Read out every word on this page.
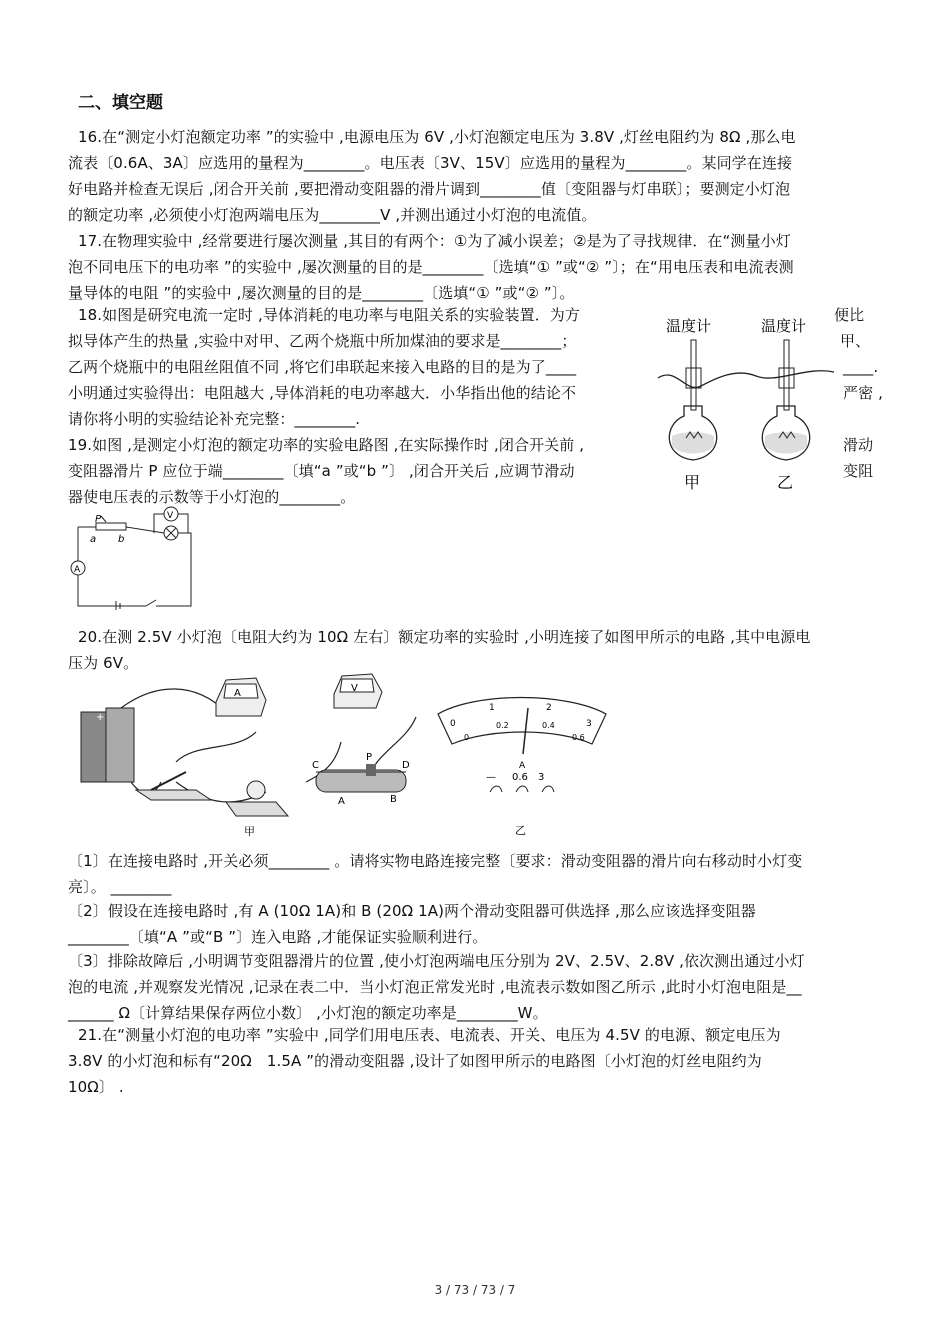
二、填空题
16.在“测定小灯泡额定功率 ”的实验中 ,电源电压为 6V ,小灯泡额定电压为 3.8V ,灯丝电阻约为 8Ω ,那么电
流表〔0.6A、3A〕应选用的量程为________。电压表〔3V、15V〕应选用的量程为________。某同学在连接
好电路并检查无误后 ,闭合开关前 ,要把滑动变阻器的滑片调到________值〔变阻器与灯串联〕；要测定小灯泡
的额定功率 ,必须使小灯泡两端电压为________V ,并测出通过小灯泡的电流值。
17.在物理实验中 ,经常要进行屡次测量 ,其目的有两个：①为了减小误差；②是为了寻找规律．在“测量小灯
泡不同电压下的电功率 ”的实验中 ,屡次测量的目的是________〔选填“① ”或“② ”〕；在“用电压表和电流表测
量导体的电阻 ”的实验中 ,屡次测量的目的是________〔选填“① ”或“② ”〕。
18.如图是研究电流一定时 ,导体消耗的电功率与电阻关系的实验装置．为方
拟导体产生的热量 ,实验中对甲、乙两个烧瓶中所加煤油的要求是________；
乙两个烧瓶中的电阻丝阻值不同 ,将它们串联起来接入电路的目的是为了____
小明通过实验得出：电阻越大 ,导体消耗的电功率越大．小华指出他的结论不
请你将小明的实验结论补充完整：________.
19.如图 ,是测定小灯泡的额定功率的实验电路图 ,在实际操作时 ,闭合开关前 ,
变阻器滑片 P 应位于端________〔填“a ”或“b ”〕 ,闭合开关后 ,应调节滑动
器使电压表的示数等于小灯泡的________。
便比
甲、
____.
严密 ,
滑动
变阻
温度计	温度计
甲	乙
P
a b
V
A
20.在测 2.5V 小灯泡〔电阻大约为 10Ω 左右〕额定功率的实验时 ,小明连接了如图甲所示的电路 ,其中电源电
压为 6V。
+
A	V
甲
C
P
D
A	B
0
1	2
3
0
0.2	0.4
0.6
A
— 0.6 3
乙
〔1〕在连接电路时 ,开关必须________ 。请将实物电路连接完整〔要求：滑动变阻器的滑片向右移动时小灯变
亮〕。 ________
〔2〕假设在连接电路时 ,有 A (10Ω 1A)和 B (20Ω 1A)两个滑动变阻器可供选择 ,那么应该选择变阻器
________〔填“A ”或“B ”〕连入电路 ,才能保证实验顺利进行。
〔3〕排除故障后 ,小明调节变阻器滑片的位置 ,使小灯泡两端电压分别为 2V、2.5V、2.8V ,依次测出通过小灯
泡的电流 ,并观察发光情况 ,记录在表二中．当小灯泡正常发光时 ,电流表示数如图乙所示 ,此时小灯泡电阻是__
______ Ω〔计算结果保存两位小数〕 ,小灯泡的额定功率是________W。
21.在“测量小灯泡的电功率 ”实验中 ,同学们用电压表、电流表、开关、电压为 4.5V 的电源、额定电压为
3.8V 的小灯泡和标有“20Ω　1.5A ”的滑动变阻器 ,设计了如图甲所示的电路图〔小灯泡的灯丝电阻约为
10Ω〕 .
3 / 73 / 73 / 7
